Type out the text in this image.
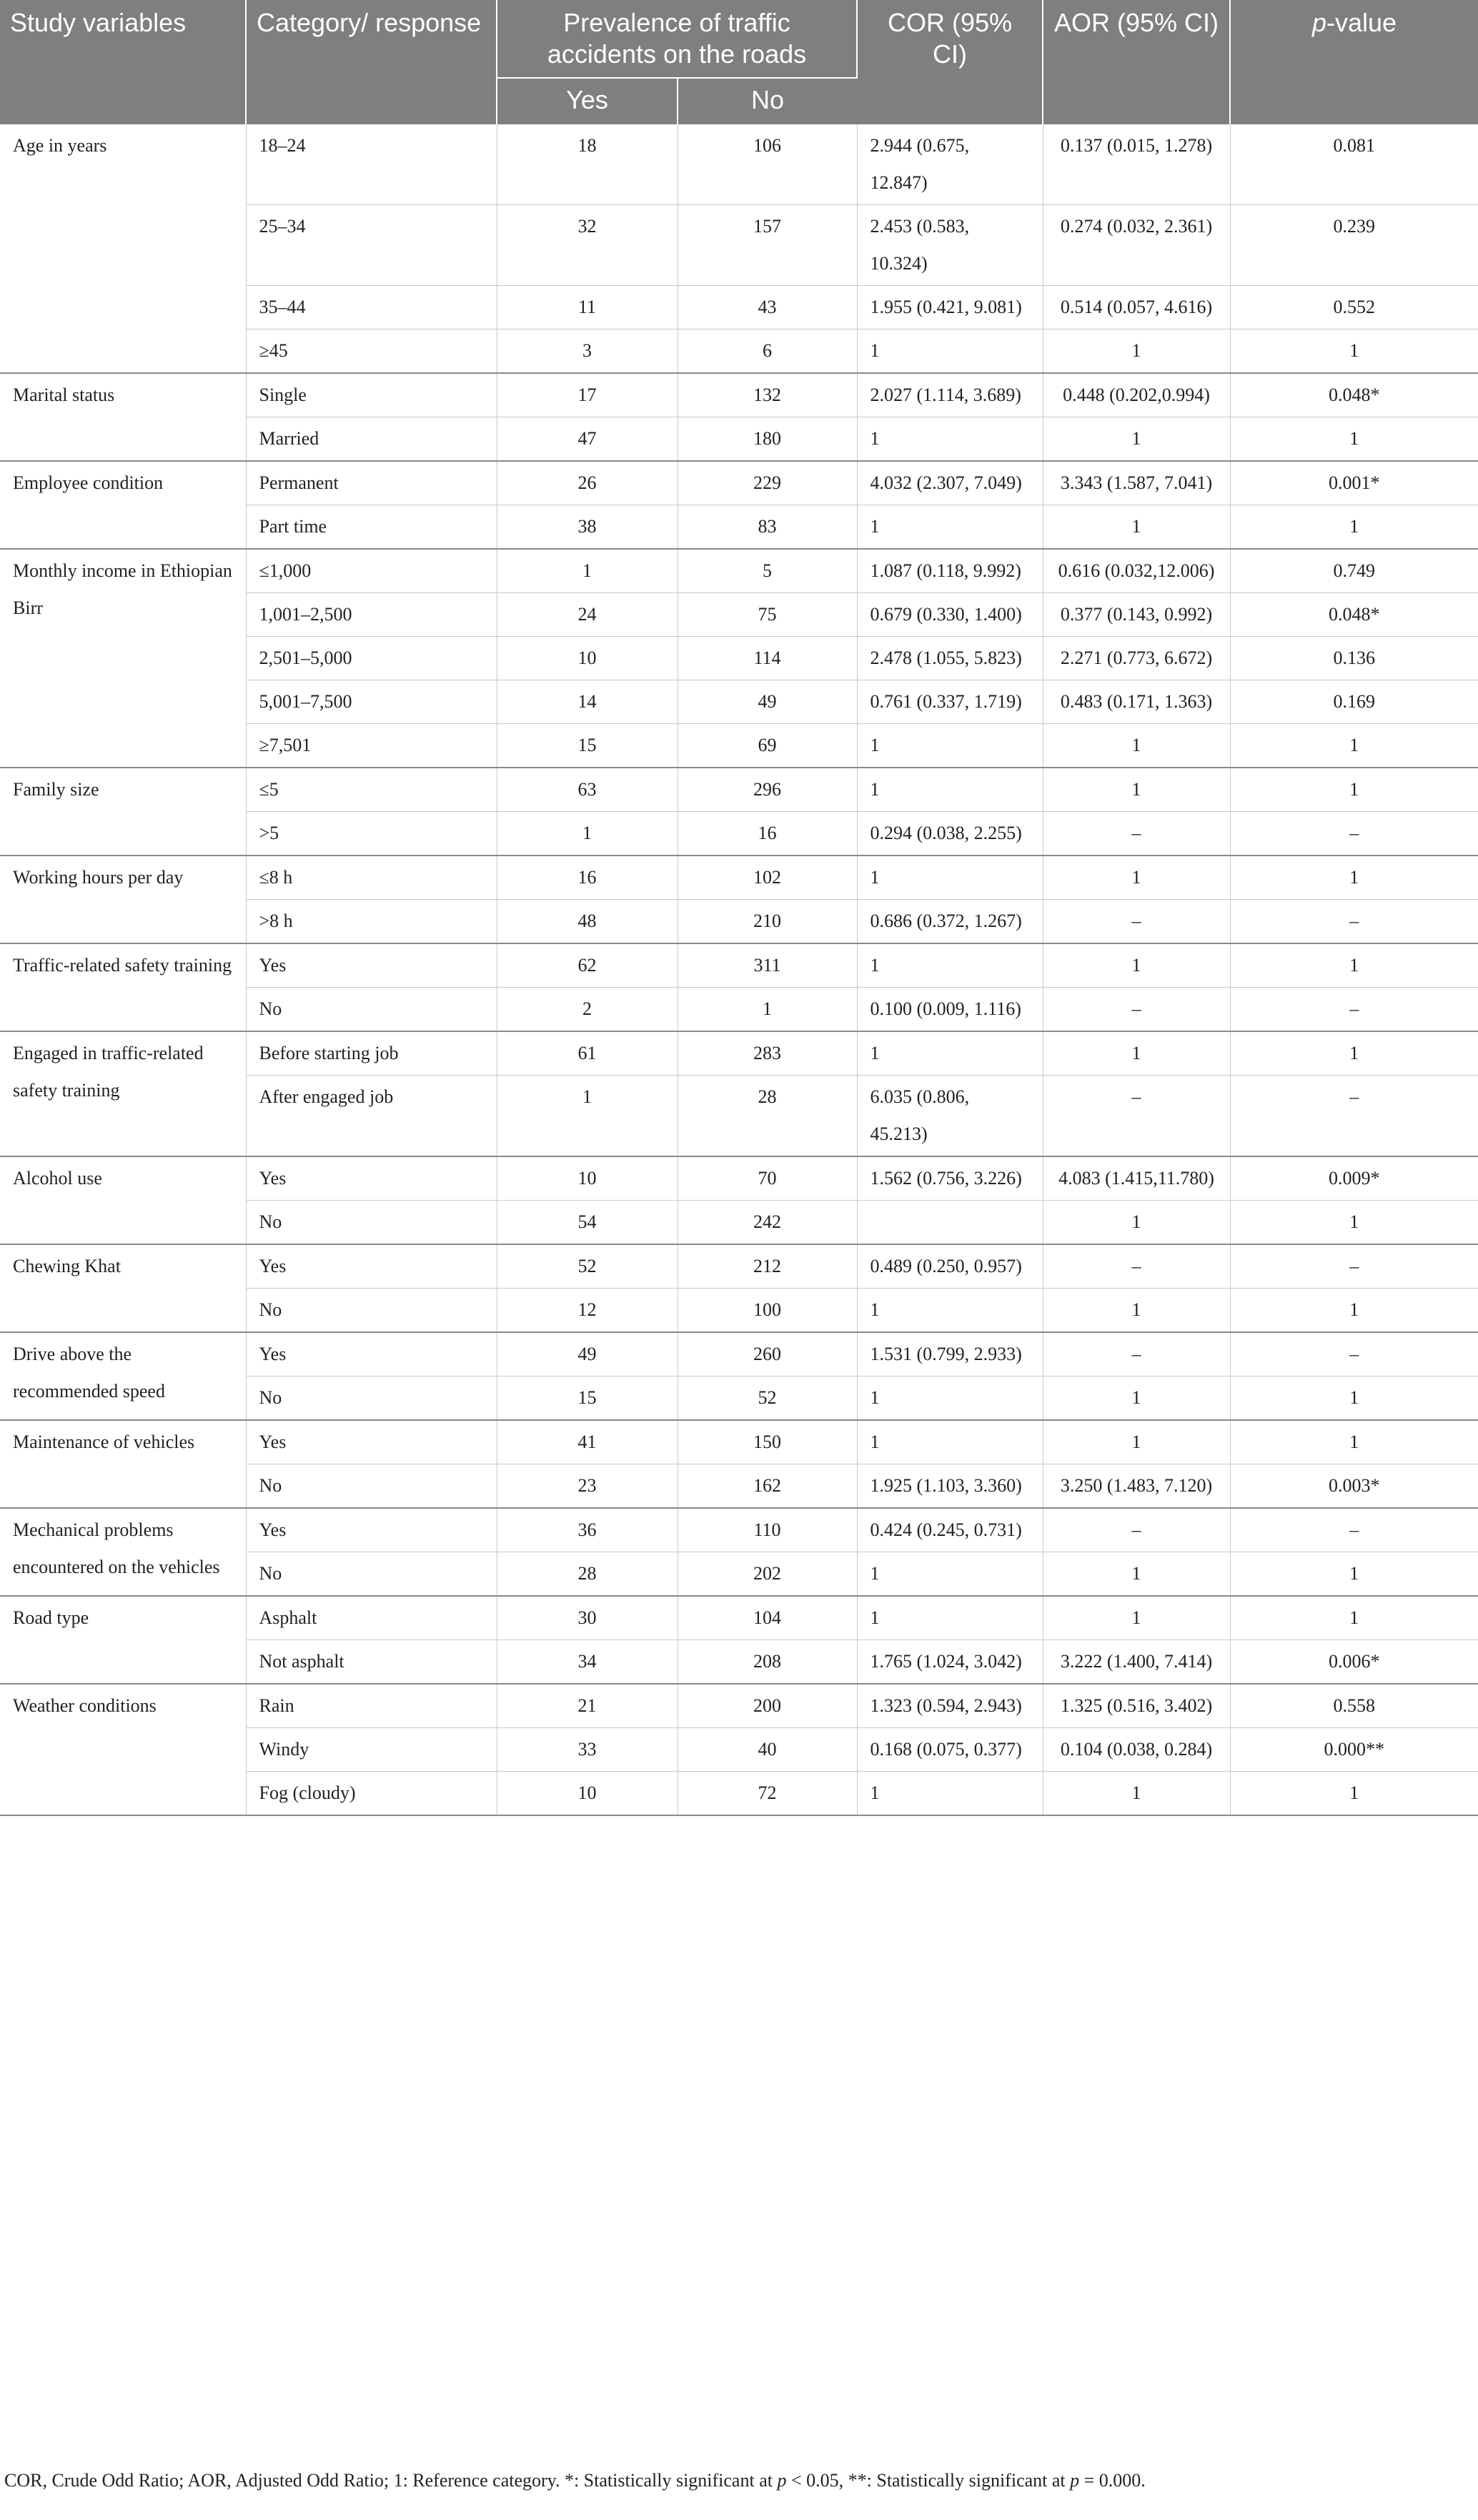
Study variables	Category/ response	Prevalence of traffic accidents on the roads		COR (95% CI)	AOR (95% CI)	p-value
		Yes	No			
Age in years	18–24	18	106	2.944 (0.675, 12.847)	0.137 (0.015, 1.278)	0.081
	25–34	32	157	2.453 (0.583, 10.324)	0.274 (0.032, 2.361)	0.239
	35–44	11	43	1.955 (0.421, 9.081)	0.514 (0.057, 4.616)	0.552
	≥45	3	6	1	1	1
Marital status	Single	17	132	2.027 (1.114, 3.689)	0.448 (0.202,0.994)	0.048*
	Married	47	180	1	1	1
Employee condition	Permanent	26	229	4.032 (2.307, 7.049)	3.343 (1.587, 7.041)	0.001*
	Part time	38	83	1	1	1
Monthly income in Ethiopian Birr	≤1,000	1	5	1.087 (0.118, 9.992)	0.616 (0.032,12.006)	0.749
	1,001–2,500	24	75	0.679 (0.330, 1.400)	0.377 (0.143, 0.992)	0.048*
	2,501–5,000	10	114	2.478 (1.055, 5.823)	2.271 (0.773, 6.672)	0.136
	5,001–7,500	14	49	0.761 (0.337, 1.719)	0.483 (0.171, 1.363)	0.169
	≥7,501	15	69	1	1	1
Family size	≤5	63	296	1	1	1
	>5	1	16	0.294 (0.038, 2.255)	–	–
Working hours per day	≤8 h	16	102	1	1	1
	>8 h	48	210	0.686 (0.372, 1.267)	–	–
Traffic-related safety training	Yes	62	311	1	1	1
	No	2	1	0.100 (0.009, 1.116)	–	–
Engaged in traffic-related safety training	Before starting job	61	283	1	1	1
	After engaged job	1	28	6.035 (0.806, 45.213)	–	–
Alcohol use	Yes	10	70	1.562 (0.756, 3.226)	4.083 (1.415,11.780)	0.009*
	No	54	242		1	1
Chewing Khat	Yes	52	212	0.489 (0.250, 0.957)	–	–
	No	12	100	1	1	1
Drive above the recommended speed	Yes	49	260	1.531 (0.799, 2.933)	–	–
	No	15	52	1	1	1
Maintenance of vehicles	Yes	41	150	1	1	1
	No	23	162	1.925 (1.103, 3.360)	3.250 (1.483, 7.120)	0.003*
Mechanical problems encountered on the vehicles	Yes	36	110	0.424 (0.245, 0.731)	–	–
	No	28	202	1	1	1
Road type	Asphalt	30	104	1	1	1
	Not asphalt	34	208	1.765 (1.024, 3.042)	3.222 (1.400, 7.414)	0.006*
Weather conditions	Rain	21	200	1.323 (0.594, 2.943)	1.325 (0.516, 3.402)	0.558
	Windy	33	40	0.168 (0.075, 0.377)	0.104 (0.038, 0.284)	0.000**
	Fog (cloudy)	10	72	1	1	1
COR, Crude Odd Ratio; AOR, Adjusted Odd Ratio; 1: Reference category. *: Statistically significant at p < 0.05, **: Statistically significant at p = 0.000.
